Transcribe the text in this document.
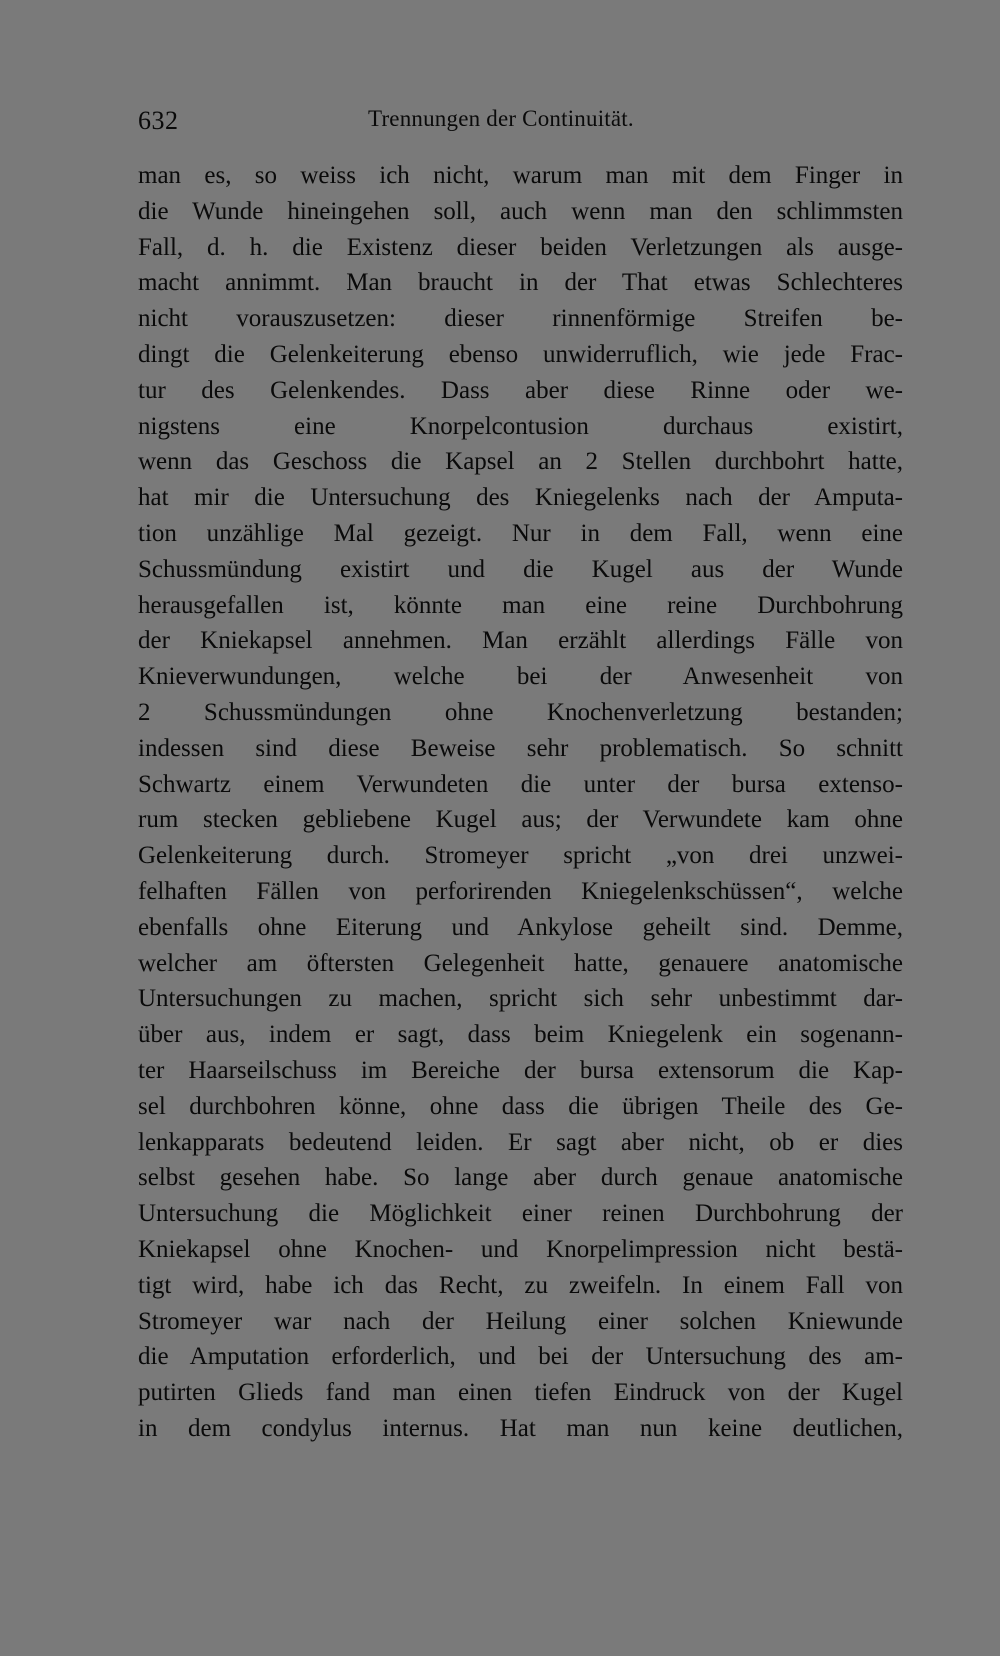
632	Trennungen der Continuität.
man es, so weiss ich nicht, warum man mit dem Finger in
die Wunde hineingehen soll, auch wenn man den schlimmsten
Fall, d. h. die Existenz dieser beiden Verletzungen als ausge-
macht annimmt. Man braucht in der That etwas Schlechteres
nicht vorauszusetzen: dieser rinnenförmige Streifen be-
dingt die Gelenkeiterung ebenso unwiderruflich, wie jede Frac-
tur des Gelenkendes. Dass aber diese Rinne oder we-
nigstens eine Knorpelcontusion durchaus existirt,
wenn das Geschoss die Kapsel an 2 Stellen durchbohrt hatte,
hat mir die Untersuchung des Kniegelenks nach der Amputa-
tion unzählige Mal gezeigt. Nur in dem Fall, wenn eine
Schussmündung existirt und die Kugel aus der Wunde
herausgefallen ist, könnte man eine reine Durchbohrung
der Kniekapsel annehmen. Man erzählt allerdings Fälle von
Knieverwundungen, welche bei der Anwesenheit von
2 Schussmündungen ohne Knochenverletzung bestanden;
indessen sind diese Beweise sehr problematisch. So schnitt
Schwartz einem Verwundeten die unter der bursa extenso-
rum stecken gebliebene Kugel aus; der Verwundete kam ohne
Gelenkeiterung durch. Stromeyer spricht „von drei unzwei-
felhaften Fällen von perforirenden Kniegelenkschüssen“, welche
ebenfalls ohne Eiterung und Ankylose geheilt sind. Demme,
welcher am öftersten Gelegenheit hatte, genauere anatomische
Untersuchungen zu machen, spricht sich sehr unbestimmt dar-
über aus, indem er sagt, dass beim Kniegelenk ein sogenann-
ter Haarseilschuss im Bereiche der bursa extensorum die Kap-
sel durchbohren könne, ohne dass die übrigen Theile des Ge-
lenkapparats bedeutend leiden. Er sagt aber nicht, ob er dies
selbst gesehen habe. So lange aber durch genaue anatomische
Untersuchung die Möglichkeit einer reinen Durchbohrung der
Kniekapsel ohne Knochen- und Knorpelimpression nicht bestä-
tigt wird, habe ich das Recht, zu zweifeln. In einem Fall von
Stromeyer war nach der Heilung einer solchen Kniewunde
die Amputation erforderlich, und bei der Untersuchung des am-
putirten Glieds fand man einen tiefen Eindruck von der Kugel
in dem condylus internus. Hat man nun keine deutlichen,
